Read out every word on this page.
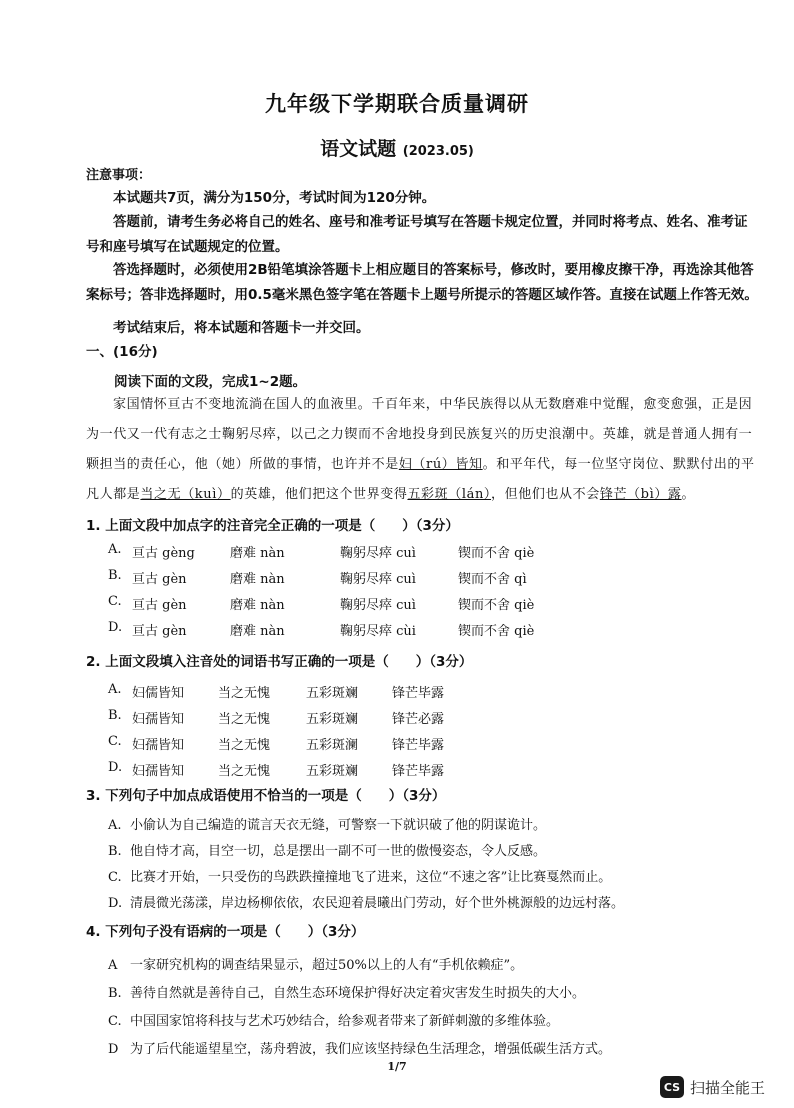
九年级下学期联合质量调研
语文试题 (2023.05)
注意事项：

本试题共7页，满分为150分，考试时间为120分钟。

答题前，请考生务必将自己的姓名、座号和准考证号填写在答题卡规定位置，并同时将考点、姓名、准考证号和座号填写在试题规定的位置。

答选择题时，必须使用2B铅笔填涂答题卡上相应题目的答案标号，修改时，要用橡皮擦干净，再选涂其他答案标号；答非选择题时，用0.5毫米黑色签字笔在答题卡上题号所提示的答题区域作答。直接在试题上作答无效。

考试结束后，将本试题和答题卡一并交回。

一、(16分)
阅读下面的文段，完成1~2题。

家国情怀亘古不变地流淌在国人的血液里。千百年来，中华民族得以从无数磨难中觉醒，愈变愈强，正是因为一代又一代有志之士鞠躬尽瘁，以己之力锲而不舍地投身到民族复兴的历史浪潮中。英雄，就是普通人拥有一颗担当的责任心，他（她）所做的事情，也许并不是妇（rú）皆知。和平年代，每一位坚守岗位、默默付出的平凡人都是当之无（kuì）的英雄，他们把这个世界变得五彩斑（lán），但他们也从不会锋芒（bì）露。

1. 上面文段中加点字的注音完全正确的一项是（　　）（3分）
A. 亘古 gèng	磨难 nàn	鞠躬尽瘁 cuì	锲而不舍 qiè
B. 亘古 gèn	磨难 nàn	鞠躬尽瘁 cuì	锲而不舍 qì
C. 亘古 gèn	磨难 nàn	鞠躬尽瘁 cuì	锲而不舍 qiè
D. 亘古 gèn	磨难 nàn	鞠躬尽瘁 cùi	锲而不舍 qiè
2. 上面文段填入注音处的词语书写正确的一项是（　　）（3分）
A. 妇儒皆知	当之无愧	五彩斑斓	锋芒毕露
B. 妇孺皆知	当之无愧	五彩斑斓	锋芒必露
C. 妇孺皆知	当之无愧	五彩斑澜	锋芒毕露
D. 妇孺皆知	当之无愧	五彩斑斓	锋芒毕露
3. 下列句子中加点成语使用不恰当的一项是（　　）（3分）
A. 小偷认为自己编造的谎言天衣无缝，可警察一下就识破了他的阴谋诡计。
B. 他自恃才高，目空一切，总是摆出一副不可一世的傲慢姿态，令人反感。
C. 比赛才开始，一只受伤的鸟跌跌撞撞地飞了进来，这位“不速之客”让比赛戛然而止。
D. 清晨微光荡漾，岸边杨柳依依，农民迎着晨曦出门劳动，好个世外桃源般的边远村落。
4. 下列句子没有语病的一项是（　　）（3分）
A 一家研究机构的调查结果显示，超过50%以上的人有“手机依赖症”。
B. 善待自然就是善待自己，自然生态环境保护得好决定着灾害发生时损失的大小。
C. 中国国家馆将科技与艺术巧妙结合，给参观者带来了新鲜刺激的多维体验。
D 为了后代能遥望星空，荡舟碧波，我们应该坚持绿色生活理念，增强低碳生活方式。
1/7
CS 扫描全能王
